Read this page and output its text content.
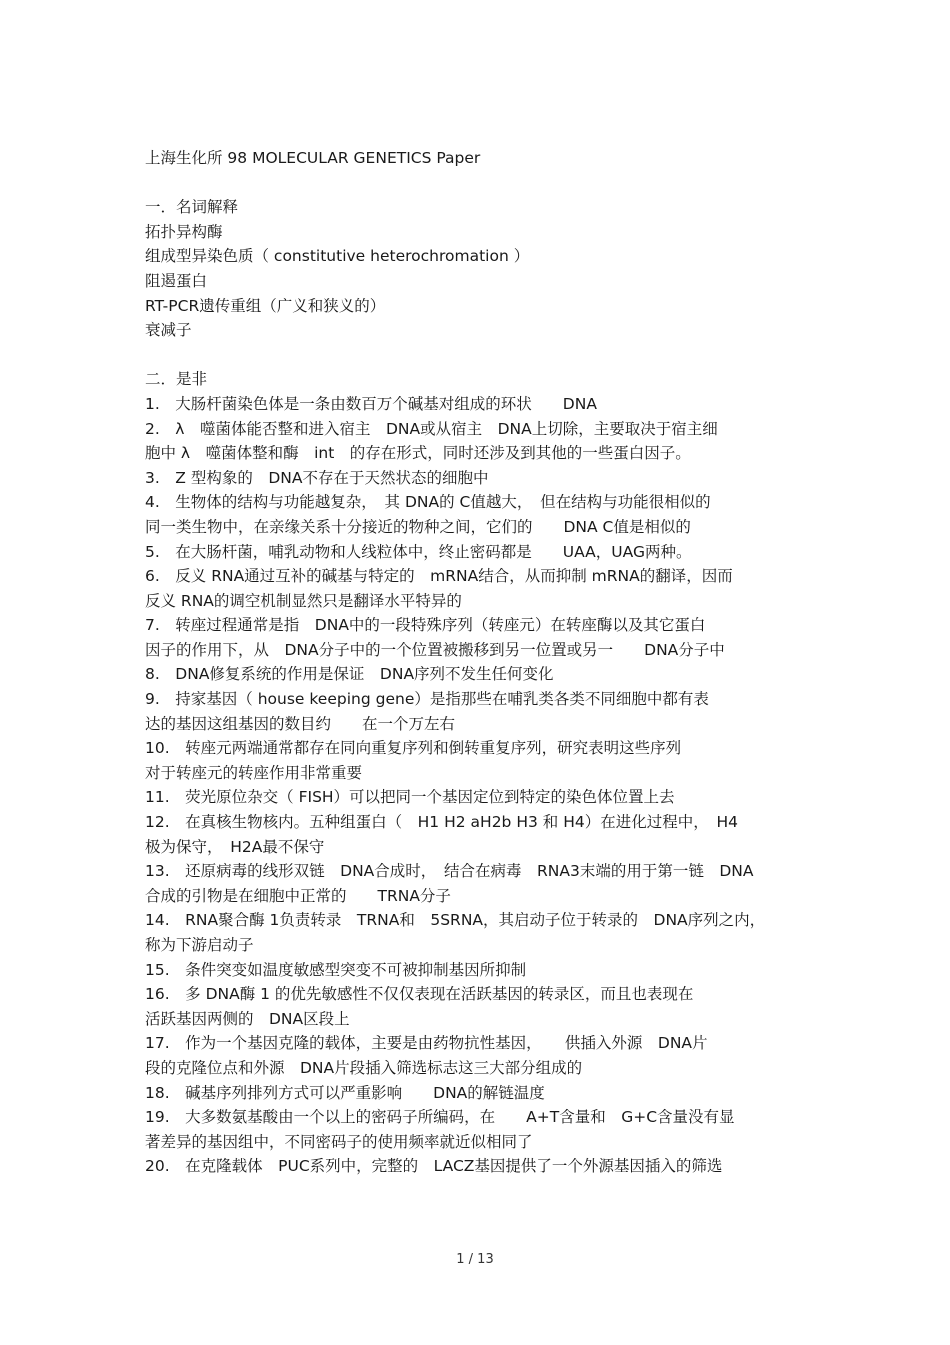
上海生化所 98 MOLECULAR GENETICS Paper
一．名词解释
拓扑异构酶
组成型异染色质（ constitutive heterochromation ）
阻遏蛋白
RT-PCR遗传重组（广义和狭义的）
衰减子
二．是非
1.　大肠杆菌染色体是一条由数百万个碱基对组成的环状　　DNA
2.　λ　噬菌体能否整和进入宿主　DNA或从宿主　DNA上切除，主要取决于宿主细
胞中 λ　噬菌体整和酶　int　的存在形式，同时还涉及到其他的一些蛋白因子。
3.　Z 型构象的　DNA不存在于天然状态的细胞中
4.　生物体的结构与功能越复杂，　其 DNA的 C值越大，　但在结构与功能很相似的
同一类生物中，在亲缘关系十分接近的物种之间，它们的　　DNA C值是相似的
5.　在大肠杆菌，哺乳动物和人线粒体中，终止密码都是　　UAA，UAG两种。
6.　反义 RNA通过互补的碱基与特定的　mRNA结合，从而抑制 mRNA的翻译，因而
反义 RNA的调空机制显然只是翻译水平特异的
7.　转座过程通常是指　DNA中的一段特殊序列（转座元）在转座酶以及其它蛋白
因子的作用下，从　DNA分子中的一个位置被搬移到另一位置或另一　　DNA分子中
8.　DNA修复系统的作用是保证　DNA序列不发生任何变化
9.　持家基因（ house keeping gene）是指那些在哺乳类各类不同细胞中都有表
达的基因这组基因的数目约　　在一个万左右
10.　转座元两端通常都存在同向重复序列和倒转重复序列，研究表明这些序列
对于转座元的转座作用非常重要
11.　荧光原位杂交（ FISH）可以把同一个基因定位到特定的染色体位置上去
12.　在真核生物核内。五种组蛋白（　H1 H2 aH2b H3 和 H4）在进化过程中，　H4
极为保守，　H2A最不保守
13.　还原病毒的线形双链　DNA合成时，　结合在病毒　RNA3末端的用于第一链　DNA
合成的引物是在细胞中正常的　　TRNA分子
14.　RNA聚合酶 1负责转录　TRNA和　5SRNA，其启动子位于转录的　DNA序列之内，
称为下游启动子
15.　条件突变如温度敏感型突变不可被抑制基因所抑制
16.　多 DNA酶 1 的优先敏感性不仅仅表现在活跃基因的转录区，而且也表现在
活跃基因两侧的　DNA区段上
17.　作为一个基因克隆的载体，主要是由药物抗性基因，　　供插入外源　DNA片
段的克隆位点和外源　DNA片段插入筛选标志这三大部分组成的
18.　碱基序列排列方式可以严重影响　　DNA的解链温度
19.　大多数氨基酸由一个以上的密码子所编码，在　　A+T含量和　G+C含量没有显
著差异的基因组中，不同密码子的使用频率就近似相同了
20.　在克隆载体　PUC系列中，完整的　LACZ基因提供了一个外源基因插入的筛选
1 / 13
